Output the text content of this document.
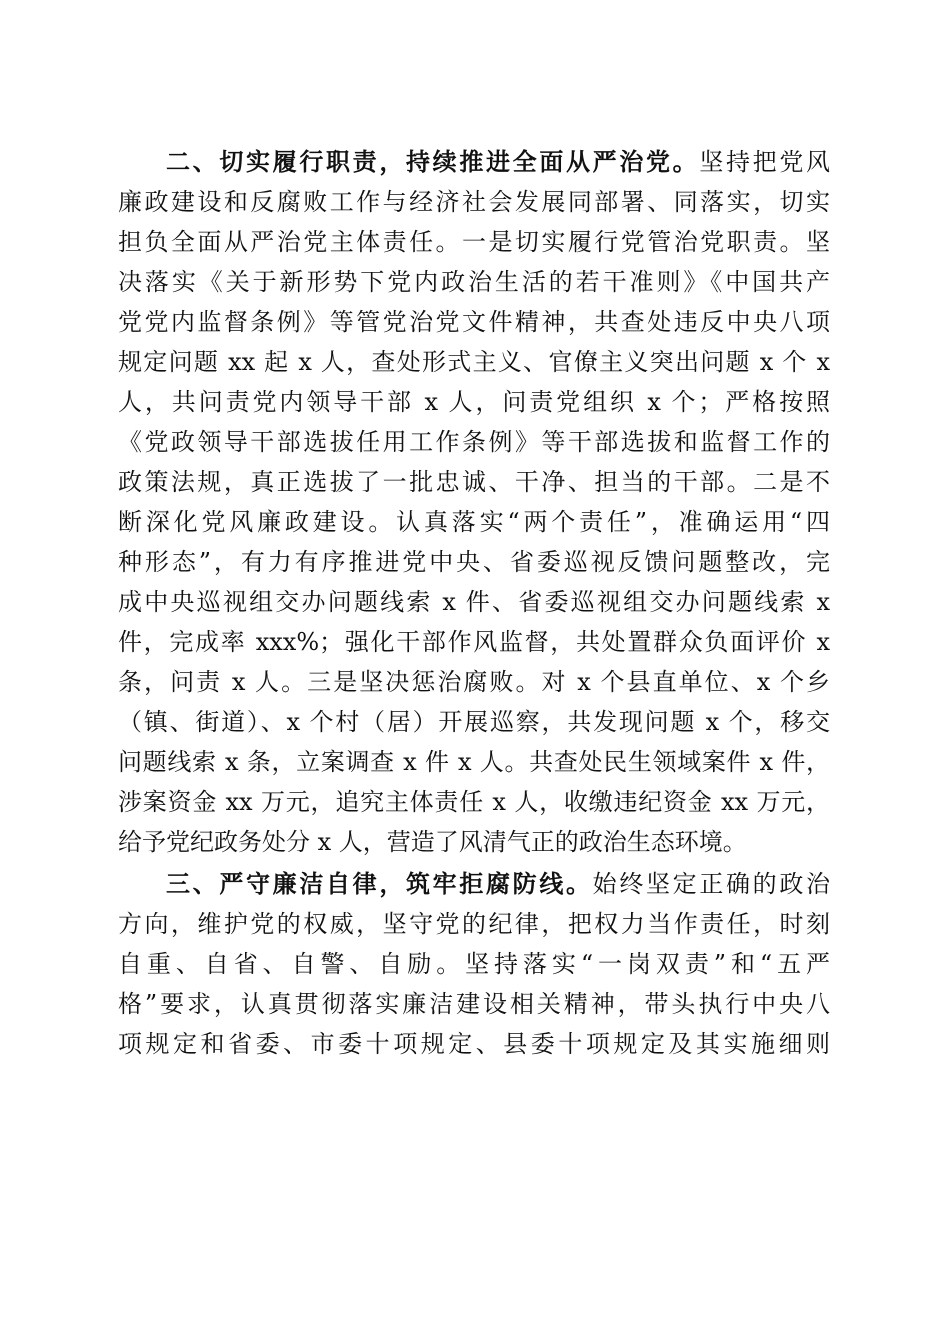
二、切实履行职责，持续推进全面从严治党。坚持把党风
廉政建设和反腐败工作与经济社会发展同部署、同落实，切实
担负全面从严治党主体责任。一是切实履行党管治党职责。坚
决落实《关于新形势下党内政治生活的若干准则》《中国共产
党党内监督条例》等管党治党文件精神，共查处违反中央八项
规定问题 xx 起 x 人，查处形式主义、官僚主义突出问题 x 个 x
人，共问责党内领导干部 x 人，问责党组织 x 个；严格按照
《党政领导干部选拔任用工作条例》等干部选拔和监督工作的
政策法规，真正选拔了一批忠诚、干净、担当的干部。二是不
断深化党风廉政建设。认真落实“两个责任”，准确运用“四
种形态”，有力有序推进党中央、省委巡视反馈问题整改，完
成中央巡视组交办问题线索 x 件、省委巡视组交办问题线索 x
件，完成率 xxx%；强化干部作风监督，共处置群众负面评价 x
条，问责 x 人。三是坚决惩治腐败。对 x 个县直单位、x 个乡
（镇、街道）、x 个村（居）开展巡察，共发现问题 x 个，移交
问题线索 x 条，立案调查 x 件 x 人。共查处民生领域案件 x 件，
涉案资金 xx 万元，追究主体责任 x 人，收缴违纪资金 xx 万元，
给予党纪政务处分 x 人，营造了风清气正的政治生态环境。
三、严守廉洁自律，筑牢拒腐防线。始终坚定正确的政治
方向，维护党的权威，坚守党的纪律，把权力当作责任，时刻
自重、自省、自警、自励。坚持落实“一岗双责”和“五严
格”要求，认真贯彻落实廉洁建设相关精神，带头执行中央八
项规定和省委、市委十项规定、县委十项规定及其实施细则
